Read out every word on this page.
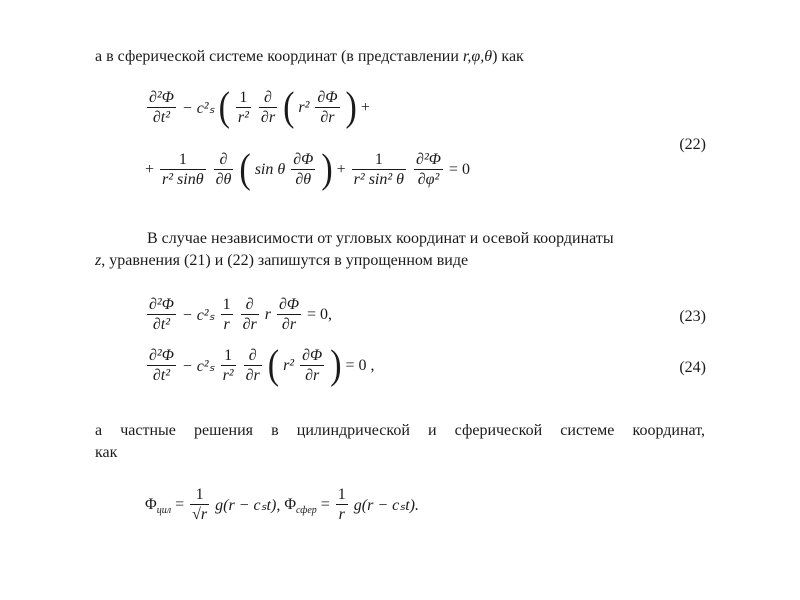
а в сферической системе координат (в представлении r,φ,θ) как
$\frac{\text{∂²Φ}}{\text{∂t²}} - c^2_s$ ( $\frac{1}{\text{r²}}$
$\frac{\partial}{\partial r}$ ( $r^2 \frac{\partial\Phi}{\partial r}$ ) +
+ $\frac{1}{\text{r² sinθ}}$
$\frac{\partial}{\partial\theta}$ ( sin θ $\frac{\partial\Phi}{\partial\theta}$ ) + $\frac{1}{\text{r² sin² θ}}$
$\frac{\text{∂²Φ}}{\text{∂φ²}} = 0$
(22)
В случае независимости от угловых координат и осевой координаты
z, уравнения (21) и (22) запишутся в упрощенном виде
$\frac{\text{∂²Φ}}{\text{∂t²}} - c^2_s \frac{1}{r}$
$\frac{\partial}{\partial r}$ r $\frac{\partial\Phi}{\partial r} = 0$,	(23)
$\frac{\text{∂²Φ}}{\text{∂t²}} - c^2_s \frac{1}{\text{r²}}$
$\frac{\partial}{\partial r}$ ( $r^2 \frac{\partial\Phi}{\partial r}$ ) = 0 ,	(24)
а частные решения в цилиндрической и сферической системе координат,
как
$\Phi_{цил} = \frac{1}{√r} g(r - c_st)$, $\Phi_{сфер} = \frac{1}{r} g(r - c_st)$.
